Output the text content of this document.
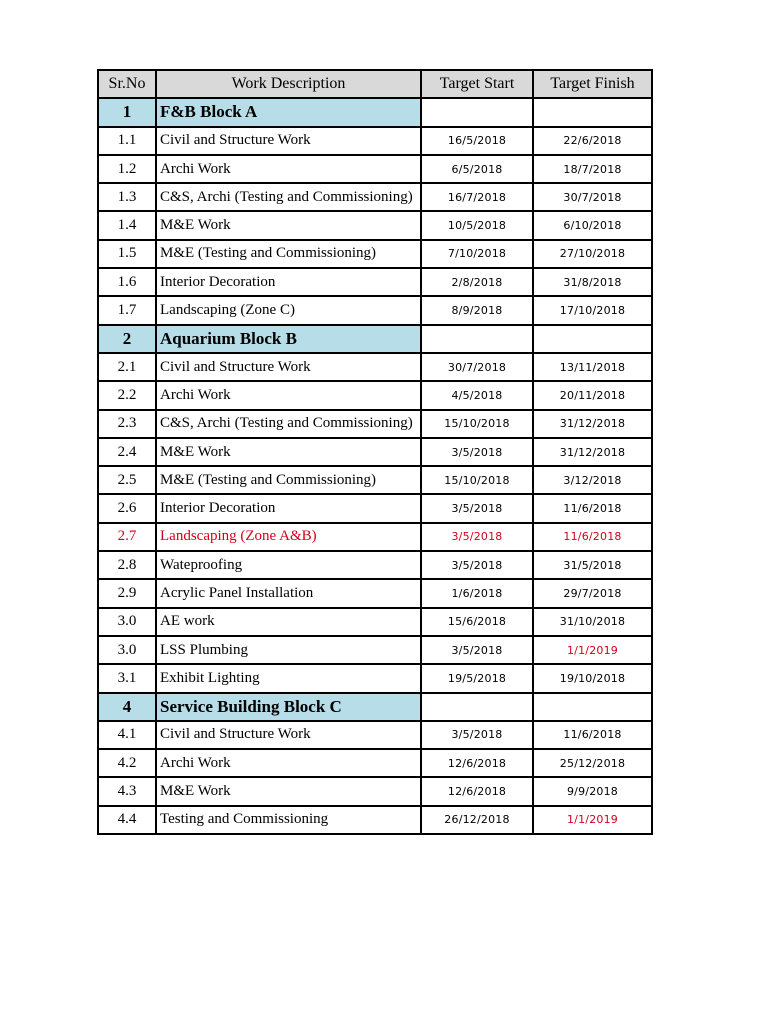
Sr.No	Work Description	Target Start	Target Finish
1	F&B Block A		
1.1	Civil and Structure Work	16/5/2018	22/6/2018
1.2	Archi Work	6/5/2018	18/7/2018
1.3	C&S, Archi (Testing and Commissioning)	16/7/2018	30/7/2018
1.4	M&E Work	10/5/2018	6/10/2018
1.5	M&E (Testing and Commissioning)	7/10/2018	27/10/2018
1.6	Interior Decoration	2/8/2018	31/8/2018
1.7	Landscaping (Zone C)	8/9/2018	17/10/2018
2	Aquarium Block B		
2.1	Civil and Structure Work	30/7/2018	13/11/2018
2.2	Archi Work	4/5/2018	20/11/2018
2.3	C&S, Archi (Testing and Commissioning)	15/10/2018	31/12/2018
2.4	M&E Work	3/5/2018	31/12/2018
2.5	M&E (Testing and Commissioning)	15/10/2018	3/12/2018
2.6	Interior Decoration	3/5/2018	11/6/2018
2.7	Landscaping (Zone A&B)	3/5/2018	11/6/2018
2.8	Wateproofing	3/5/2018	31/5/2018
2.9	Acrylic Panel Installation	1/6/2018	29/7/2018
3.0	AE work	15/6/2018	31/10/2018
3.0	LSS Plumbing	3/5/2018	1/1/2019
3.1	Exhibit Lighting	19/5/2018	19/10/2018
4	Service Building Block C		
4.1	Civil and Structure Work	3/5/2018	11/6/2018
4.2	Archi Work	12/6/2018	25/12/2018
4.3	M&E Work	12/6/2018	9/9/2018
4.4	Testing and Commissioning	26/12/2018	1/1/2019
